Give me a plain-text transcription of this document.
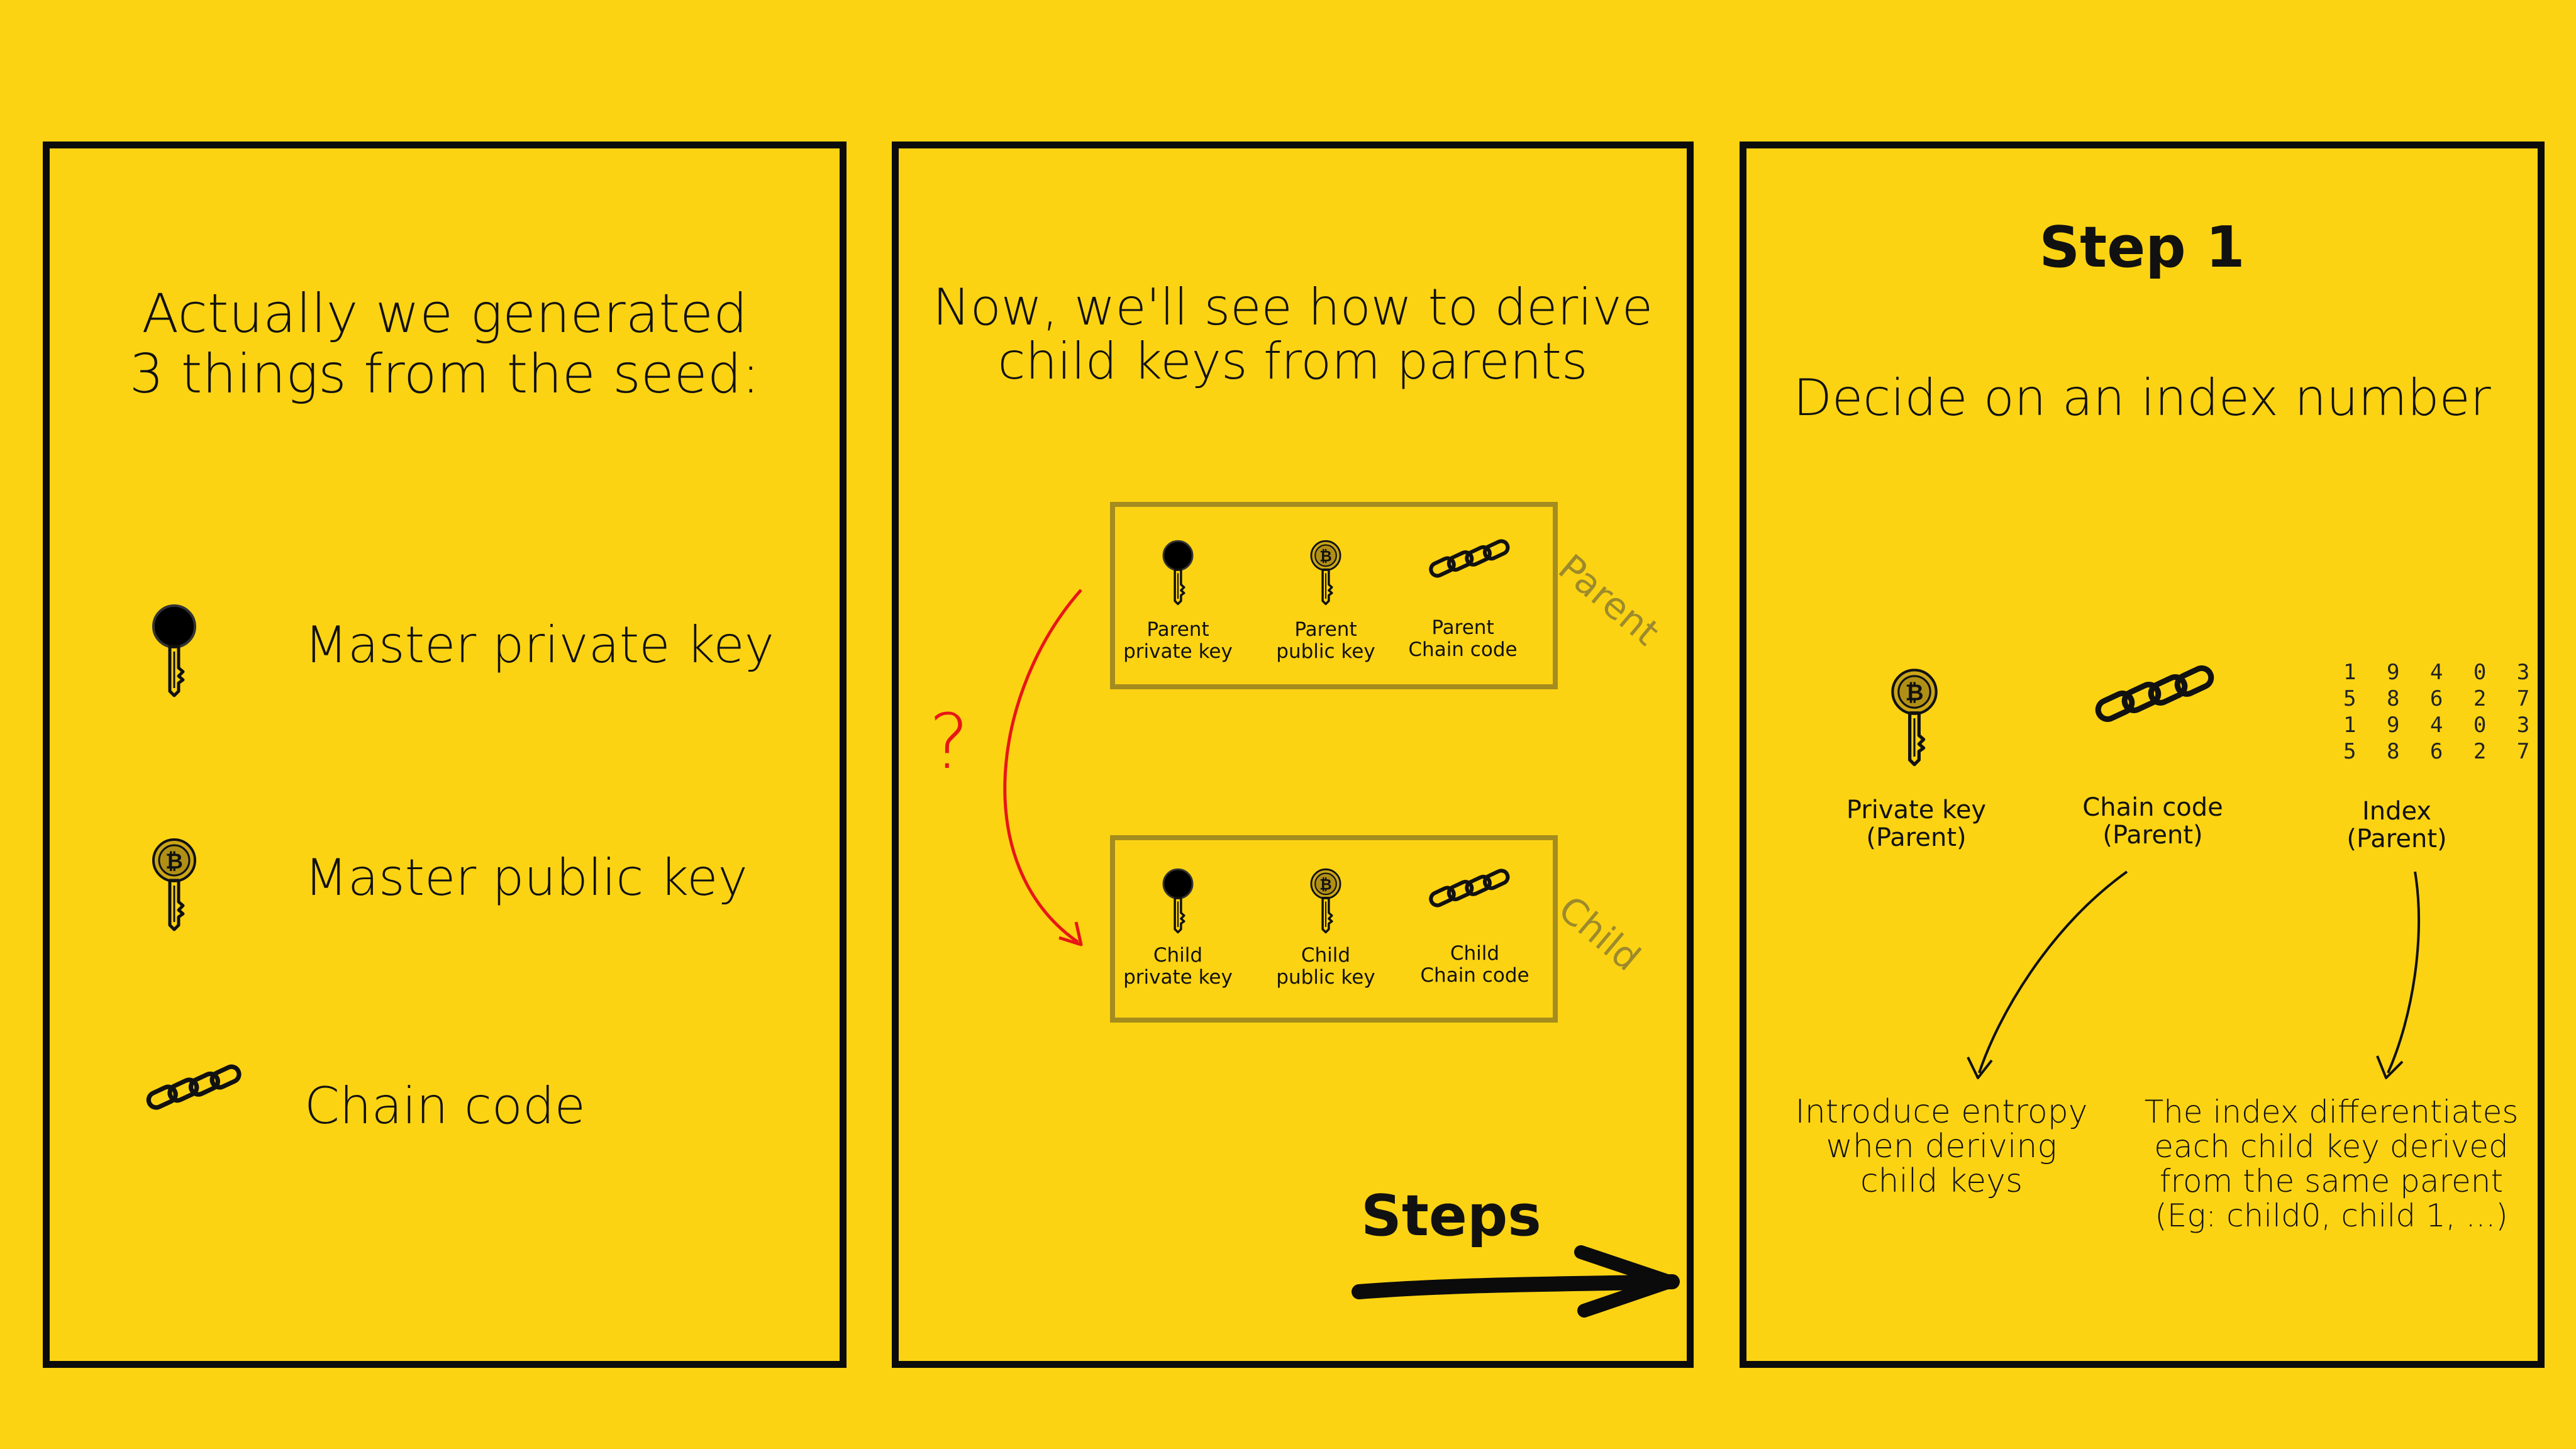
Actually we generated
3 things from the seed:
Master private key
Master public key
Chain code
Now, we'll see how to derive
child keys from parents
Parent
private key
Parent
public key
Parent
Chain code Parent
Child
private key
Child
public key
Child
Chain code Child
?
Steps
Step 1
Decide on an index number
1 9 4 0 3
5 8 6 2 7
1 9 4 0 3
5 8 6 2 7
Private key
(Parent)
Chain code
(Parent)
Index
(Parent)
Introduce entropy
when deriving
child keys
The index differentiates
each child key derived
from the same parent
(Eg: child0, child 1, ...)
